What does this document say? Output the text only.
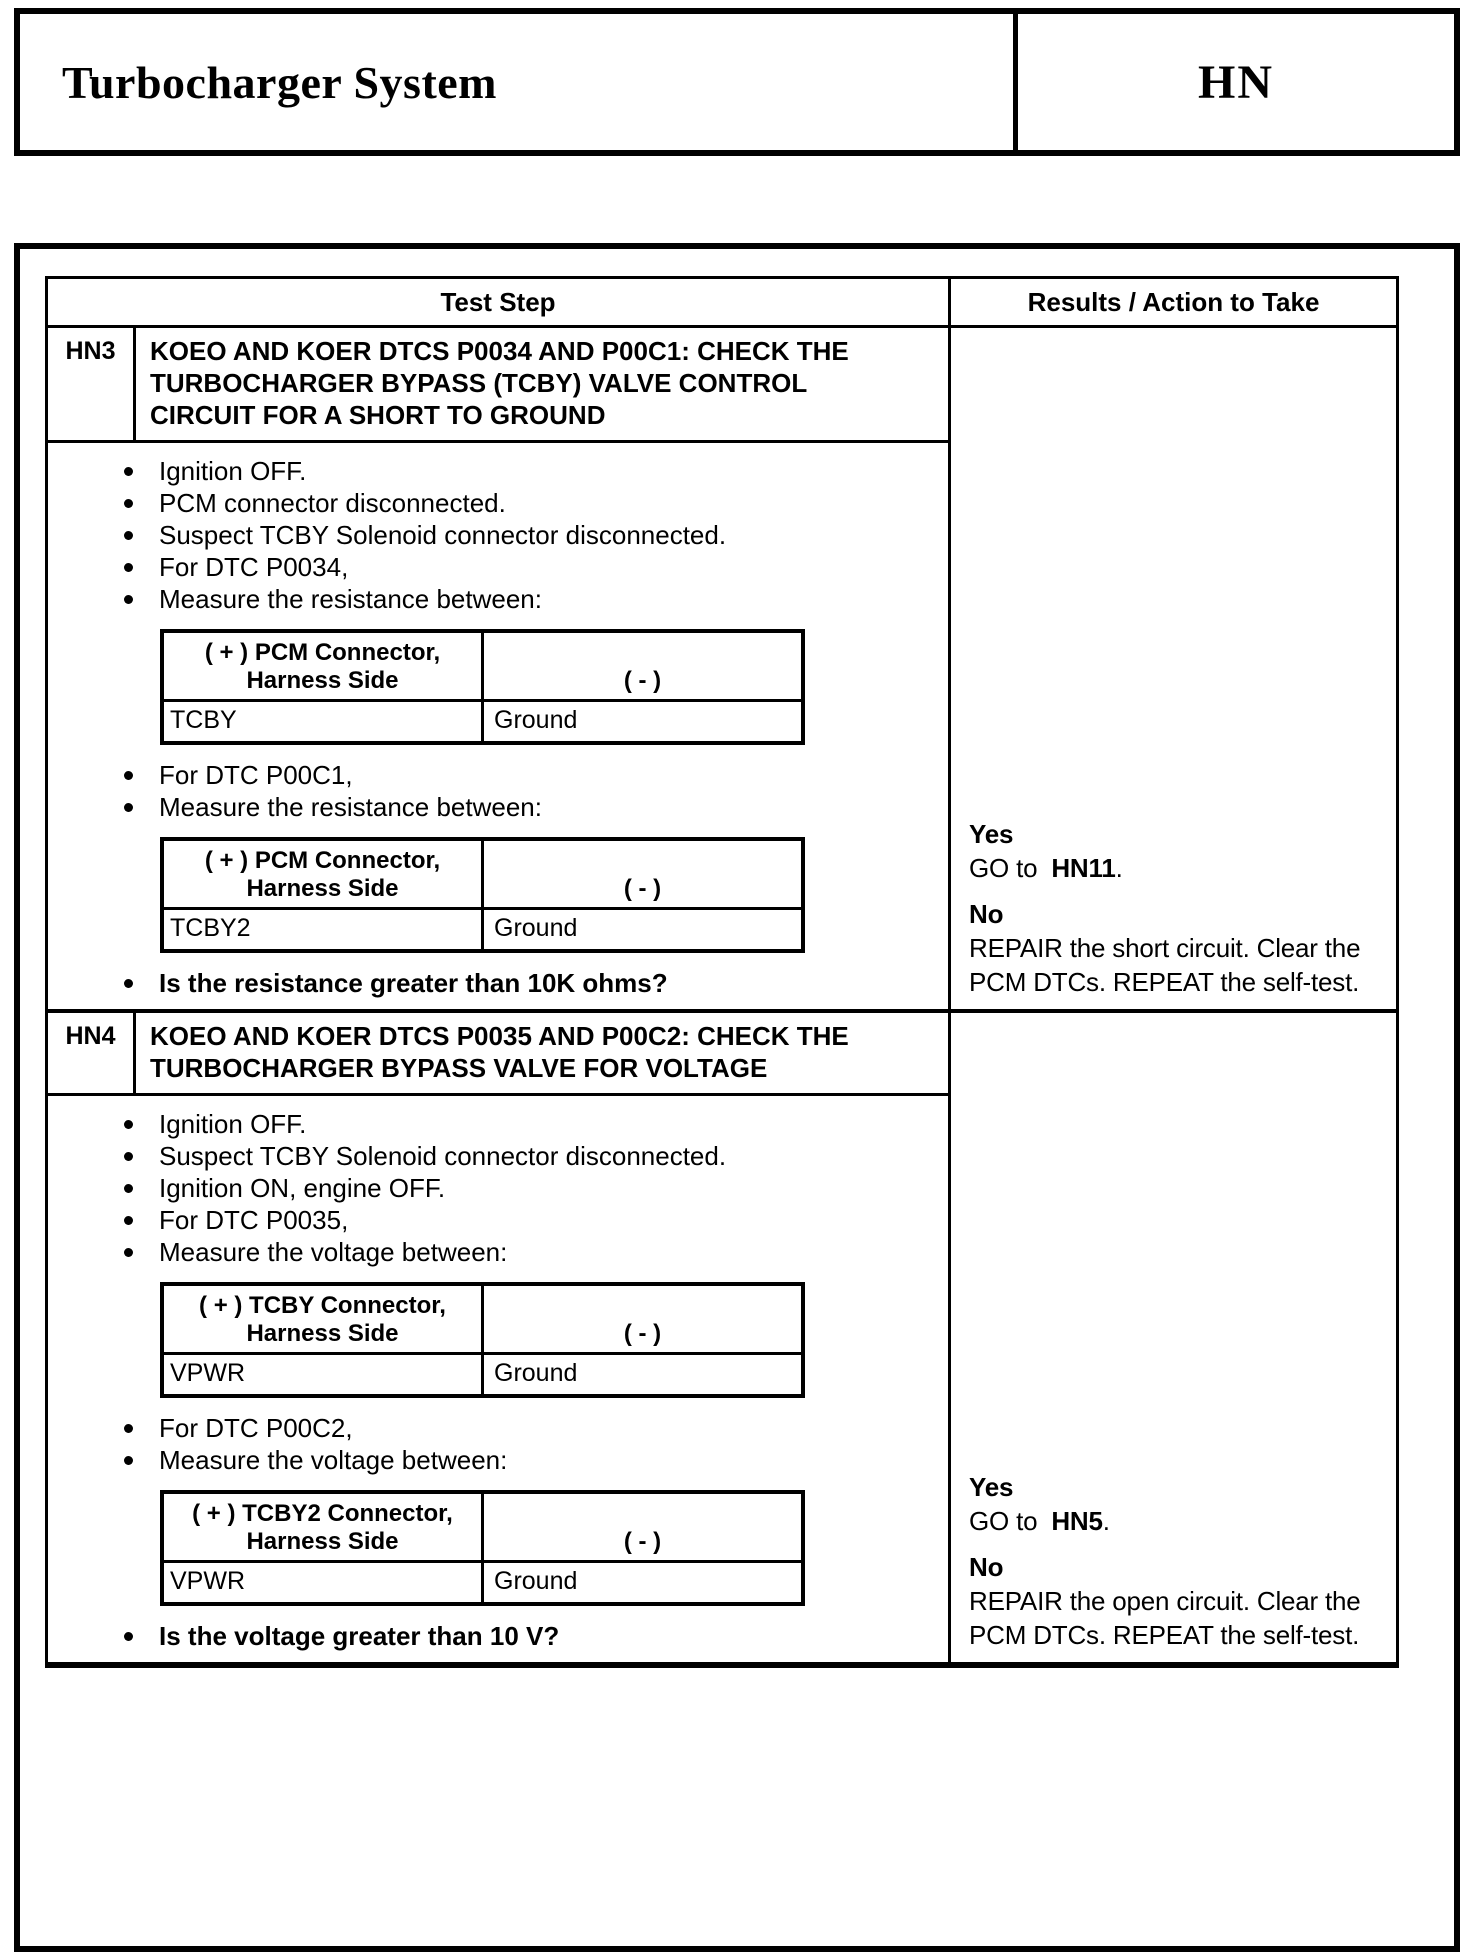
Turbocharger System	HN
Test Step	Results / Action to Take
HN3	KOEO AND KOER DTCS P0034 AND P00C1: CHECK THE TURBOCHARGER BYPASS (TCBY) VALVE CONTROL CIRCUIT FOR A SHORT TO GROUND
Ignition OFF.
PCM connector disconnected.
Suspect TCBY Solenoid connector disconnected.
For DTC P0034,
Measure the resistance between:
( + ) PCM Connector,
Harness Side	( - )
TCBY	Ground
For DTC P00C1,
Measure the resistance between:
( + ) PCM Connector,
Harness Side	( - )
TCBY2	Ground
Is the resistance greater than 10K ohms?
Yes
GO to HN11.
No
REPAIR the short circuit. Clear the PCM DTCs. REPEAT the self-test.
HN4	KOEO AND KOER DTCS P0035 AND P00C2: CHECK THE TURBOCHARGER BYPASS VALVE FOR VOLTAGE
Ignition OFF.
Suspect TCBY Solenoid connector disconnected.
Ignition ON, engine OFF.
For DTC P0035,
Measure the voltage between:
( + ) TCBY Connector,
Harness Side	( - )
VPWR	Ground
For DTC P00C2,
Measure the voltage between:
( + ) TCBY2 Connector,
Harness Side	( - )
VPWR	Ground
Is the voltage greater than 10 V?
Yes
GO to HN5.
No
REPAIR the open circuit. Clear the PCM DTCs. REPEAT the self-test.
